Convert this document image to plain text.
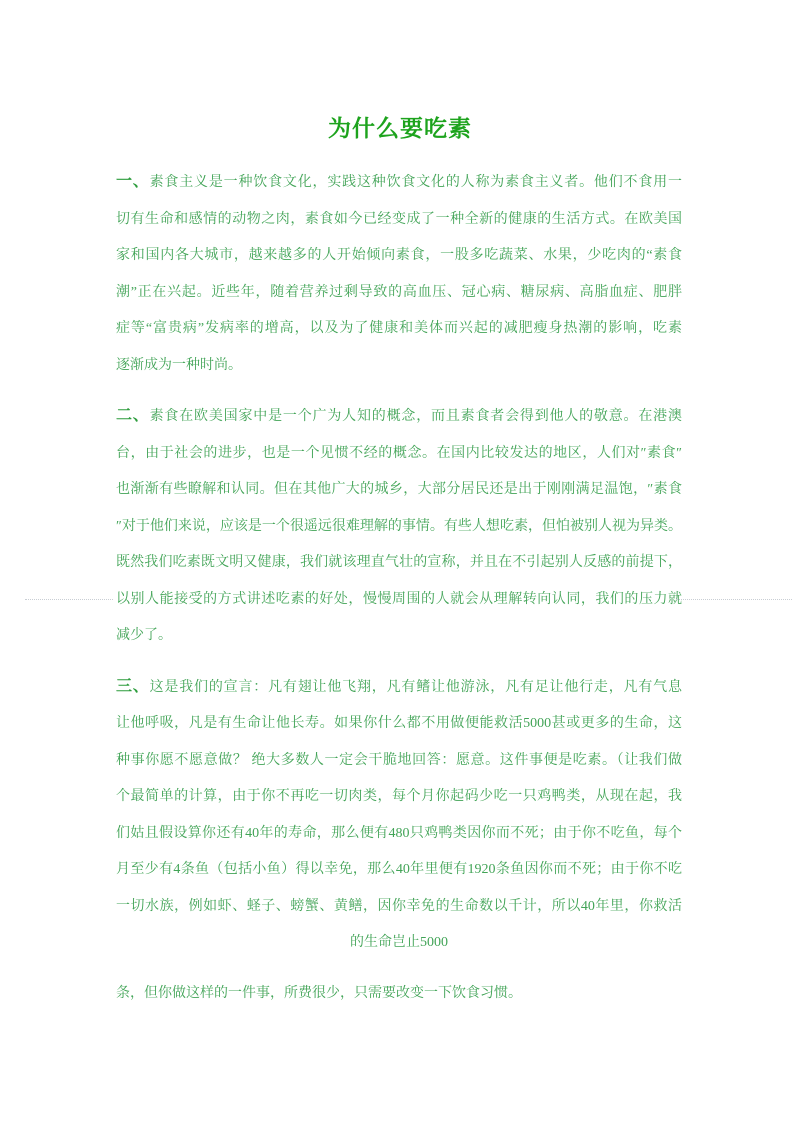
为什么要吃素
一、素食主义是一种饮食文化，实践这种饮食文化的人称为素食主义者。他们不食用一
切有生命和感情的动物之肉，素食如今已经变成了一种全新的健康的生活方式。在欧美国
家和国内各大城市，越来越多的人开始倾向素食，一股多吃蔬菜、水果，少吃肉的“素食
潮”正在兴起。近些年，随着营养过剩导致的高血压、冠心病、糖尿病、高脂血症、肥胖
症等“富贵病”发病率的增高，以及为了健康和美体而兴起的减肥瘦身热潮的影响，吃素
逐渐成为一种时尚。
二、素食在欧美国家中是一个广为人知的概念，而且素食者会得到他人的敬意。在港澳
台，由于社会的进步，也是一个见惯不经的概念。在国内比较发达的地区，人们对″素食″
也渐渐有些瞭解和认同。但在其他广大的城乡，大部分居民还是出于刚刚满足温饱，″素食
″对于他们来说，应该是一个很遥远很难理解的事情。有些人想吃素，但怕被别人视为异类。
既然我们吃素既文明又健康，我们就该理直气壮的宣称，并且在不引起别人反感的前提下，
以别人能接受的方式讲述吃素的好处，慢慢周围的人就会从理解转向认同，我们的压力就
减少了。
三、这是我们的宣言：凡有翅让他飞翔，凡有鳍让他游泳，凡有足让他行走，凡有气息
让他呼吸，凡是有生命让他长寿。如果你什么都不用做便能救活5000甚或更多的生命，这
种事你愿不愿意做？ 绝大多数人一定会干脆地回答：愿意。这件事便是吃素。（让我们做
个最简单的计算，由于你不再吃一切肉类，每个月你起码少吃一只鸡鸭类，从现在起，我
们姑且假设算你还有40年的寿命，那么便有480只鸡鸭类因你而不死；由于你不吃鱼，每个
月至少有4条鱼（包括小鱼）得以幸免，那么40年里便有1920条鱼因你而不死；由于你不吃
一切水族，例如虾、蛏子、螃蟹、黄鳝，因你幸免的生命数以千计，所以40年里，你救活
的生命岂止5000
条，但你做这样的一件事，所费很少，只需要改变一下饮食习惯。
